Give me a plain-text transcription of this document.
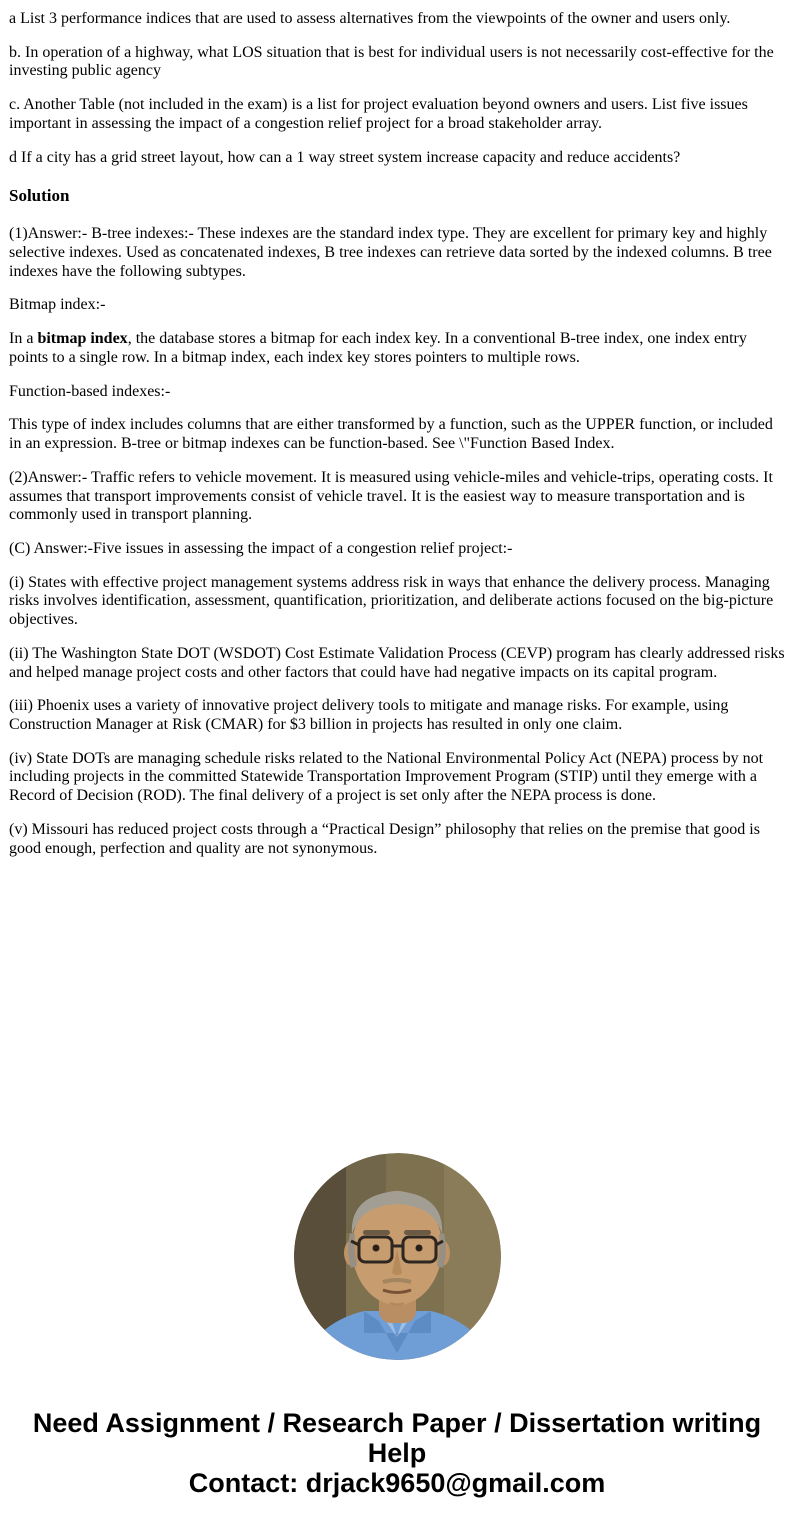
a List 3 performance indices that are used to assess alternatives from the viewpoints of the owner and users only.

b. In operation of a highway, what LOS situation that is best for individual users is not necessarily cost-effective for the investing public agency

c. Another Table (not included in the exam) is a list for project evaluation beyond owners and users. List five issues important in assessing the impact of a congestion relief project for a broad stakeholder array.

d If a city has a grid street layout, how can a 1 way street system increase capacity and reduce accidents?

Solution

(1)Answer:- B-tree indexes:- These indexes are the standard index type. They are excellent for primary key and highly selective indexes. Used as concatenated indexes, B tree indexes can retrieve data sorted by the indexed columns. B tree indexes have the following subtypes.

Bitmap index:-

In a bitmap index, the database stores a bitmap for each index key. In a conventional B-tree index, one index entry points to a single row. In a bitmap index, each index key stores pointers to multiple rows.

Function-based indexes:-

This type of index includes columns that are either transformed by a function, such as the UPPER function, or included in an expression. B-tree or bitmap indexes can be function-based. See \"Function Based Index.

(2)Answer:- Traffic refers to vehicle movement. It is measured using vehicle-miles and vehicle-trips, operating costs. It assumes that transport improvements consist of vehicle travel. It is the easiest way to measure transportation and is commonly used in transport planning.

(C) Answer:-Five issues in assessing the impact of a congestion relief project:-

(i) States with effective project management systems address risk in ways that enhance the delivery process. Managing risks involves identification, assessment, quantification, prioritization, and deliberate actions focused on the big-picture objectives.

(ii) The Washington State DOT (WSDOT) Cost Estimate Validation Process (CEVP) program has clearly addressed risks and helped manage project costs and other factors that could have had negative impacts on its capital program.

(iii) Phoenix uses a variety of innovative project delivery tools to mitigate and manage risks. For example, using Construction Manager at Risk (CMAR) for $3 billion in projects has resulted in only one claim.

(iv) State DOTs are managing schedule risks related to the National Environmental Policy Act (NEPA) process by not including projects in the committed Statewide Transportation Improvement Program (STIP) until they emerge with a Record of Decision (ROD). The final delivery of a project is set only after the NEPA process is done.

(v) Missouri has reduced project costs through a “Practical Design” philosophy that relies on the premise that good is good enough, perfection and quality are not synonymous.

Need Assignment / Research Paper / Dissertation writing Help
Contact: drjack9650@gmail.com
